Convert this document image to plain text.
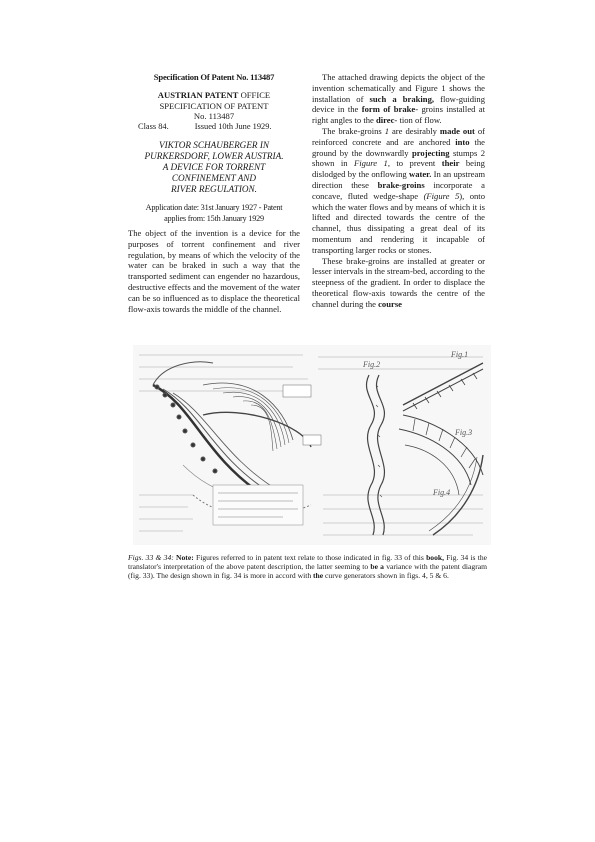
Specification Of Patent No. 113487

AUSTRIAN PATENT OFFICE

SPECIFICATION OF PATENT

No. 113487

Class 84.	Issued 10th June 1929.
VIKTOR SCHAUBERGER IN
PURKERSDORF, LOWER AUSTRIA.
A DEVICE FOR TORRENT
CONFINEMENT AND
RIVER REGULATION.
Application date: 31st January 1927 - Patent
applies from: 15th January 1929

The object of the invention is a device for the purposes of torrent confinement and river regulation, by means of which the velocity of the water can be braked in such a way that the transported sediment can engender no hazardous, destructive effects and the movement of the water can be so influenced as to displace the theoretical flow-axis towards the middle of the channel.

The attached drawing depicts the object of the invention schematically and Figure 1 shows the installation of such a braking, flow-guiding device in the form of brake- groins installed at right angles to the direc- tion of flow.

The brake-groins 1 are desirably made out of reinforced concrete and are anchored into the ground by the downwardly projecting stumps 2 shown in Figure 1, to prevent their being dislodged by the onflowing water. In an upstream direction these brake-groins incorporate a concave, fluted wedge-shape (Figure 5), onto which the water flows and by means of which it is lifted and directed towards the centre of the channel, thus dissipating a great deal of its momentum and rendering it incapable of transporting larger rocks or stones.

These brake-groins are installed at greater or lesser intervals in the stream-bed, according to the steepness of the gradient. In order to displace the theoretical flow-axis towards the centre of the channel during the course

Fig.2
Fig.1
Fig.3
Fig.4
Figs. 33 & 34: Note: Figures referred to in patent text relate to those indicated in fig. 33 of this book, Fig. 34 is the translator's interpretation of the above patent description, the latter seeming to be a variance with the patent diagram (fig. 33). The design shown in fig. 34 is more in accord with the curve generators shown in figs. 4, 5 & 6.
